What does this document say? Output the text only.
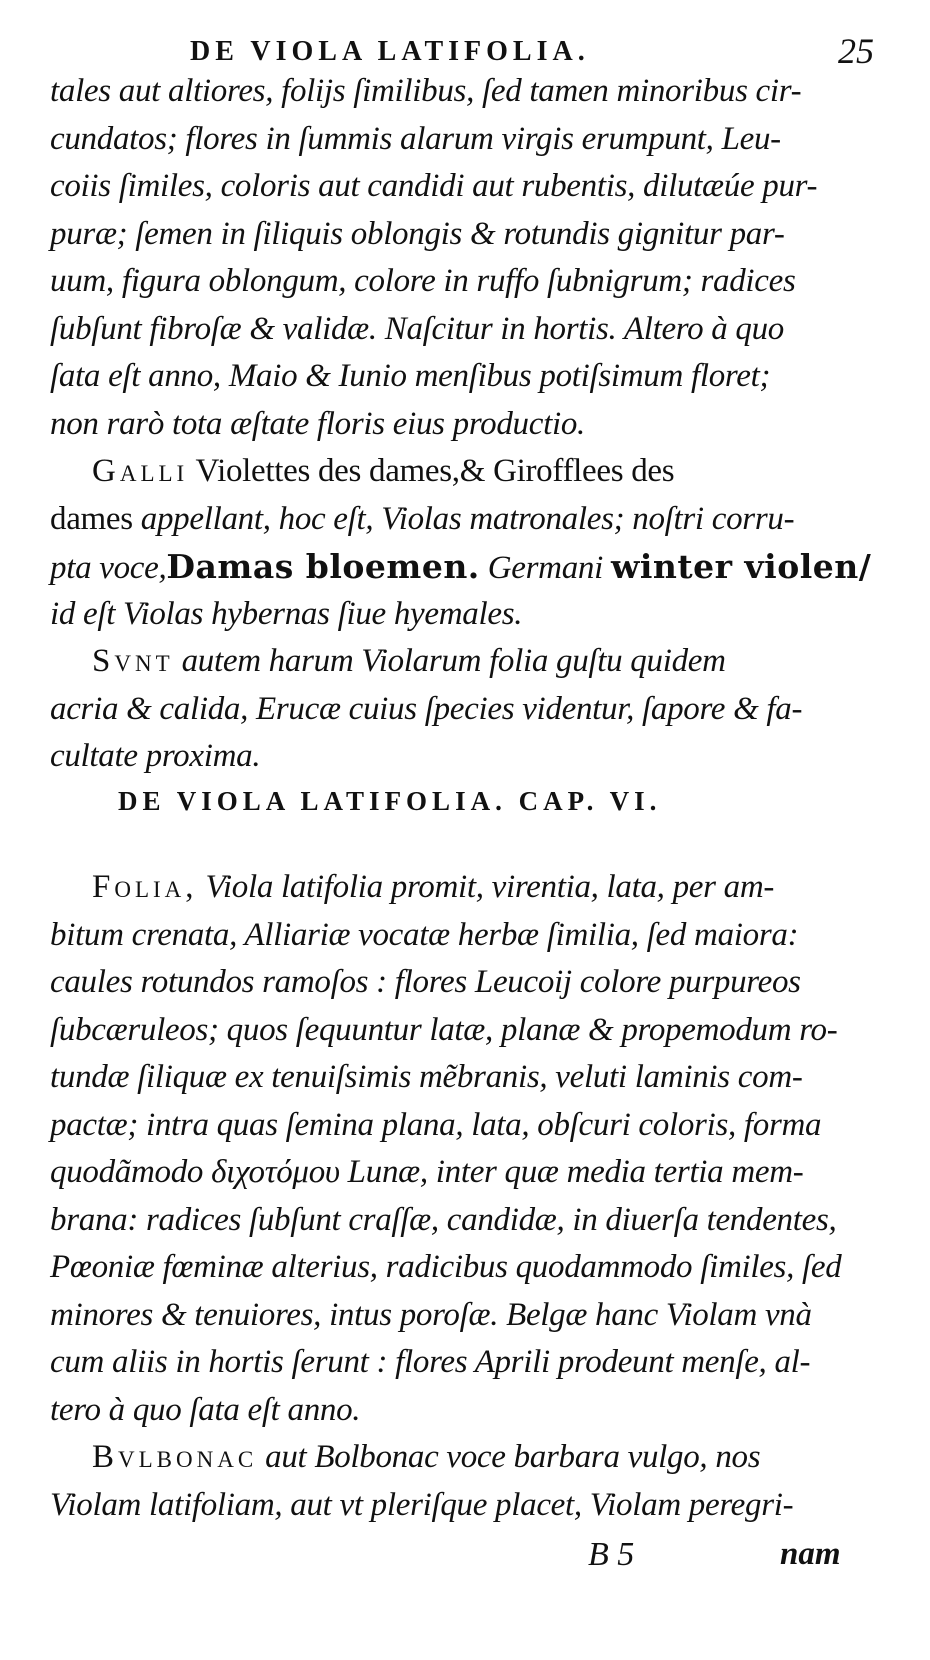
DE VIOLA LATIFOLIA.	25
tales aut altiores, folijs ſimilibus, ſed tamen minoribus cir-
cundatos; flores in ſummis alarum virgis erumpunt, Leu-
coiis ſimiles, coloris aut candidi aut rubentis, dilutæúe pur-
puræ; ſemen in ſiliquis oblongis & rotundis gignitur par-
uum, figura oblongum, colore in ruffo ſubnigrum; radices
ſubſunt fibroſæ & validæ. Naſcitur in hortis. Altero à quo
ſata eſt anno, Maio & Iunio menſibus potiſsimum floret;
non rarò tota æſtate floris eius productio.
Galli Violettes des dames,& Girofflees des
dames appellant, hoc eſt, Violas matronales; noſtri corru-
pta voce,Damas bloemen. Germani winter violen/
id eſt Violas hybernas ſiue hyemales.
Svnt autem harum Violarum folia guſtu quidem
acria & calida, Erucæ cuius ſpecies videntur, ſapore & fa-
cultate proxima.
DE VIOLA LATIFOLIA. CAP. VI.
Folia, Viola latifolia promit, virentia, lata, per am-
bitum crenata, Alliariæ vocatæ herbæ ſimilia, ſed maiora:
caules rotundos ramoſos : flores Leucoij colore purpureos
ſubcæruleos; quos ſequuntur latæ, planæ & propemodum ro-
tundæ ſiliquæ ex tenuiſsimis mẽbranis, veluti laminis com-
pactæ; intra quas ſemina plana, lata, obſcuri coloris, forma
quodãmodo διχοτόμου Lunæ, inter quæ media tertia mem-
brana: radices ſubſunt craſſæ, candidæ, in diuerſa tendentes,
Pœoniæ fœminæ alterius, radicibus quodammodo ſimiles, ſed
minores & tenuiores, intus poroſæ. Belgæ hanc Violam vnà
cum aliis in hortis ſerunt : flores Aprili prodeunt menſe, al-
tero à quo ſata eſt anno.
Bvlbonac aut Bolbonac voce barbara vulgo, nos
Violam latifoliam, aut vt pleriſque placet, Violam peregri-
B 5	nam
